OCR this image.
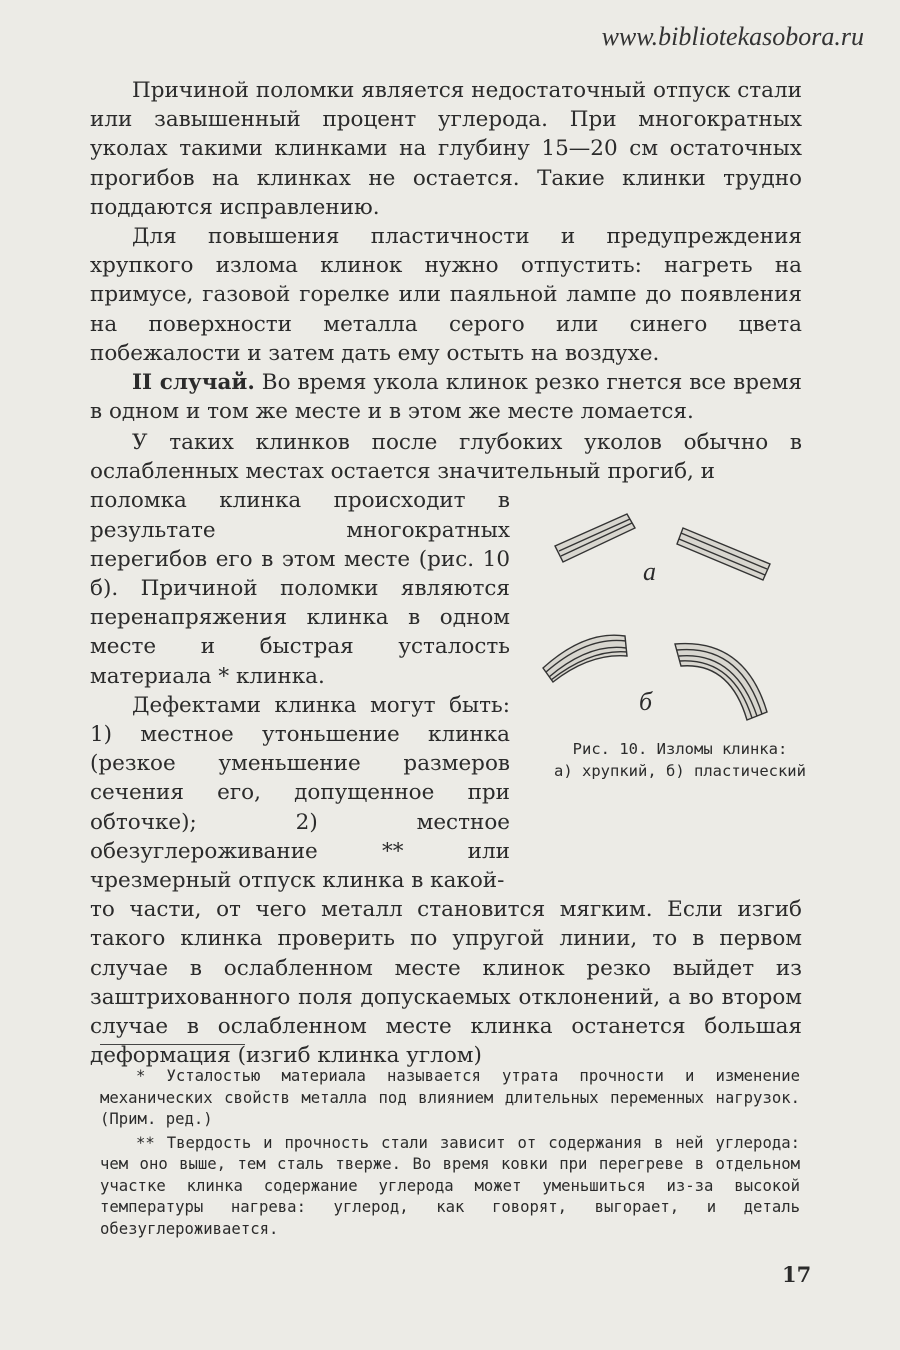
www.bibliotekasobora.ru

Причиной поломки является недостаточный отпуск стали или завышенный процент углерода. При многократных уколах такими клинками на глубину 15—20 см остаточных прогибов на клинках не остается. Такие клинки трудно поддаются исправлению.

Для повышения пластичности и предупреждения хрупкого излома клинок нужно отпустить: нагреть на примусе, газовой горелке или паяльной лампе до появления на поверхности металла серого или синего цвета побежалости и затем дать ему остыть на воздухе.

II случай. Во время укола клинок резко гнется все время в одном и том же месте и в этом же месте ломается.

У таких клинков после глубоких уколов обычно в ослабленных местах остается значительный прогиб, и

поломка клинка происходит в результате многократных перегибов его в этом месте (рис. 10 б). Причиной поломки являются перенапряжения клинка в одном месте и быстрая усталость материала * клинка.

Дефектами клинка могут быть: 1) местное утоньшение клинка (резкое уменьшение размеров сечения его, допущенное при обточке); 2) местное обезуглероживание ** или чрезмерный отпуск клинка в какой-

то части, от чего металл становится мягким. Если изгиб такого клинка проверить по упругой линии, то в первом случае в ослабленном месте клинок резко выйдет из заштрихованного поля допускаемых отклонений, а во втором случае в ослабленном месте клинка останется большая деформация (изгиб клинка углом)

а
б
Рис. 10. Изломы клинка:
а) хрупкий, б) пластический

* Усталостью материала называется утрата прочности и изменение механических свойств металла под влиянием длительных переменных нагрузок. (Прим. ред.)

** Твердость и прочность стали зависит от содержания в ней углерода: чем оно выше, тем сталь тверже. Во время ковки при перегреве в отдельном участке клинка содержание углерода может уменьшиться из-за высокой температуры нагрева: углерод, как говорят, выгорает, и деталь обезуглероживается.

17
